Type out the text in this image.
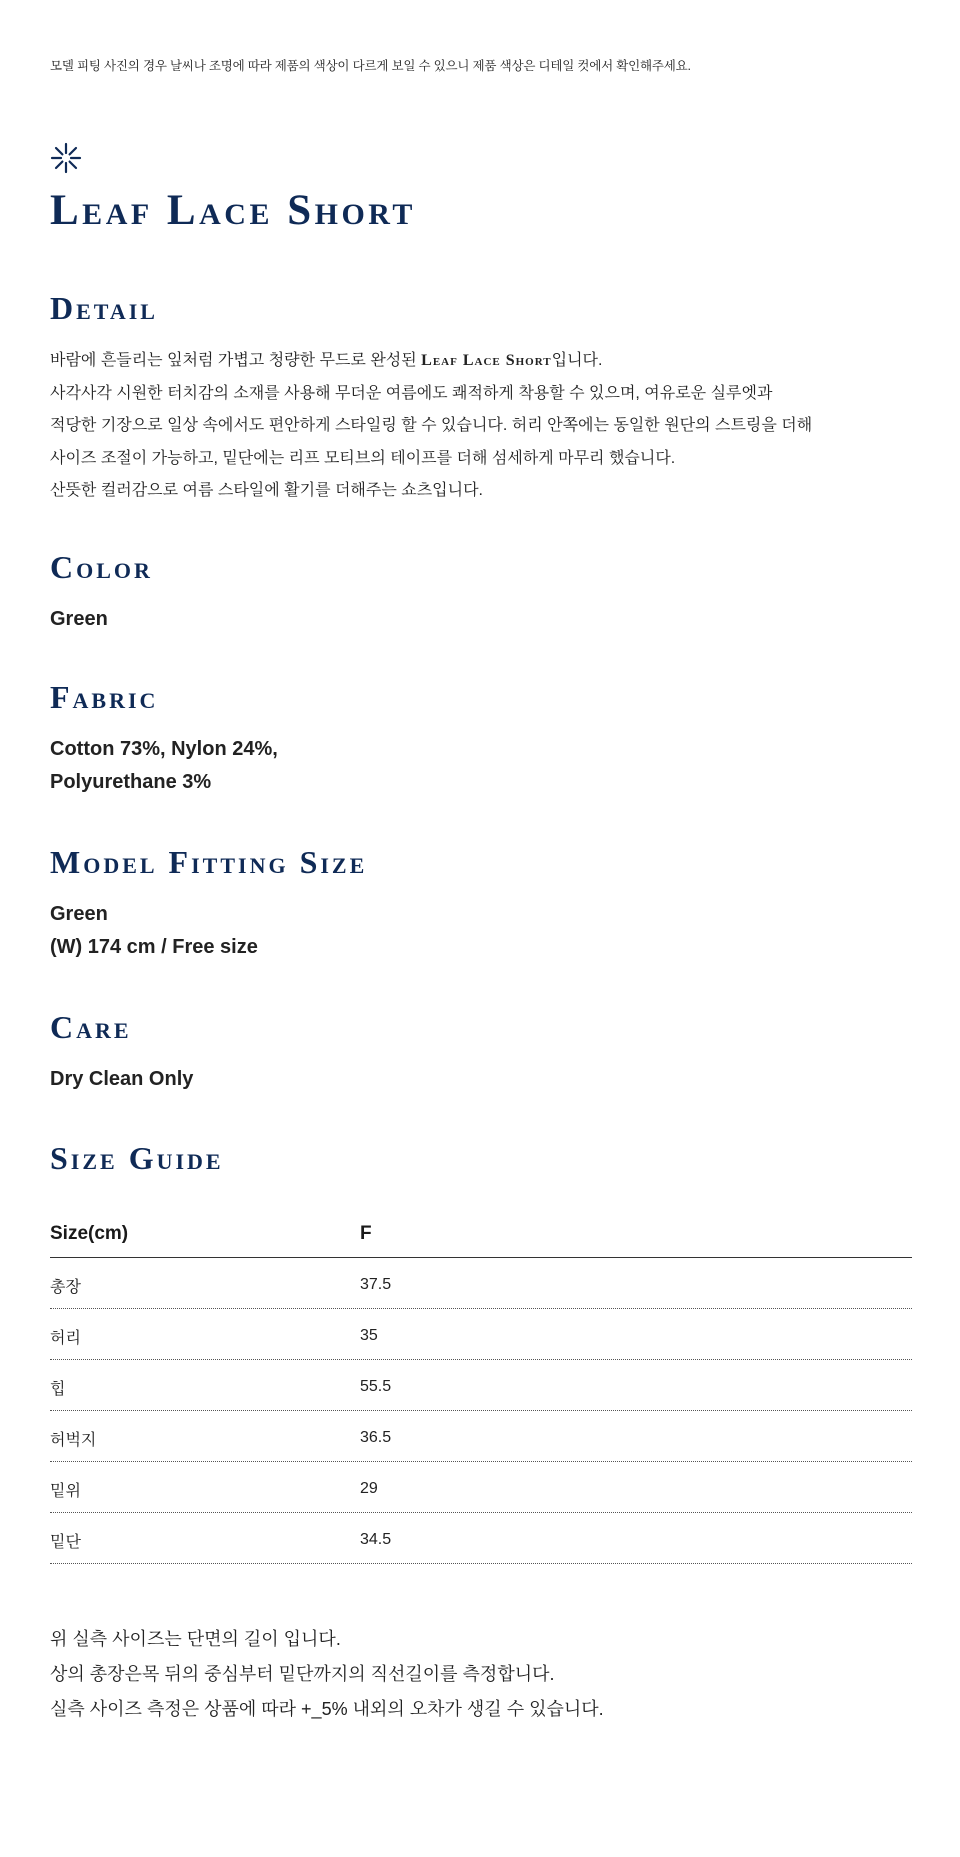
모델 피팅 사진의 경우 날씨나 조명에 따라 제품의 색상이 다르게 보일 수 있으니 제품 색상은 디테일 컷에서 확인해주세요.
Leaf Lace Short
Detail

바람에 흔들리는 잎처럼 가볍고 청량한 무드로 완성된 Leaf Lace Short입니다.

사각사각 시원한 터치감의 소재를 사용해 무더운 여름에도 쾌적하게 착용할 수 있으며, 여유로운 실루엣과

적당한 기장으로 일상 속에서도 편안하게 스타일링 할 수 있습니다. 허리 안쪽에는 동일한 원단의 스트링을 더해

사이즈 조절이 가능하고, 밑단에는 리프 모티브의 테이프를 더해 섬세하게 마무리 했습니다.

산뜻한 컬러감으로 여름 스타일에 활기를 더해주는 쇼츠입니다.

Color

Green

Fabric

Cotton 73%, Nylon 24%,

Polyurethane 3%

Model Fitting Size

Green

(W) 174 cm / Free size

Care

Dry Clean Only

Size Guide
Size(cm)	F
총장	37.5
허리	35
힙	55.5
허벅지	36.5
밑위	29
밑단	34.5

위 실측 사이즈는 단면의 길이 입니다.

상의 총장은목 뒤의 중심부터 밑단까지의 직선길이를 측정합니다.

실측 사이즈 측정은 상품에 따라 +_5% 내외의 오차가 생길 수 있습니다.
